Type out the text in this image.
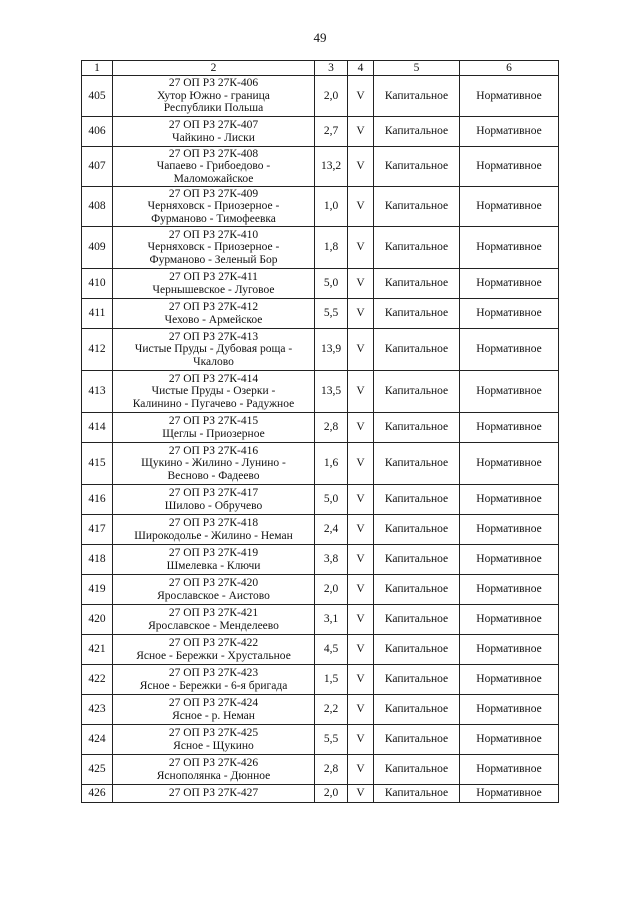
49
1	2	3	4	5	6
405	27 ОП РЗ 27К-406
Хутор Южно - граница
Республики Польша	2,0	V	Капитальное	Нормативное
406	27 ОП РЗ 27К-407
Чайкино - Лиски	2,7	V	Капитальное	Нормативное
407	27 ОП РЗ 27К-408
Чапаево - Грибоедово -
Маломожайское	13,2	V	Капитальное	Нормативное
408	27 ОП РЗ 27К-409
Черняховск - Приозерное -
Фурманово - Тимофеевка	1,0	V	Капитальное	Нормативное
409	27 ОП РЗ 27К-410
Черняховск - Приозерное -
Фурманово - Зеленый Бор	1,8	V	Капитальное	Нормативное
410	27 ОП РЗ 27К-411
Чернышевское - Луговое	5,0	V	Капитальное	Нормативное
411	27 ОП РЗ 27К-412
Чехово - Армейское	5,5	V	Капитальное	Нормативное
412	27 ОП РЗ 27К-413
Чистые Пруды - Дубовая роща -
Чкалово	13,9	V	Капитальное	Нормативное
413	27 ОП РЗ 27К-414
Чистые Пруды - Озерки -
Калинино - Пугачево - Радужное	13,5	V	Капитальное	Нормативное
414	27 ОП РЗ 27К-415
Щеглы - Приозерное	2,8	V	Капитальное	Нормативное
415	27 ОП РЗ 27К-416
Щукино - Жилино - Лунино -
Весново - Фадеево	1,6	V	Капитальное	Нормативное
416	27 ОП РЗ 27К-417
Шилово - Обручево	5,0	V	Капитальное	Нормативное
417	27 ОП РЗ 27К-418
Широкодолье - Жилино - Неман	2,4	V	Капитальное	Нормативное
418	27 ОП РЗ 27К-419
Шмелевка - Ключи	3,8	V	Капитальное	Нормативное
419	27 ОП РЗ 27К-420
Ярославское - Аистово	2,0	V	Капитальное	Нормативное
420	27 ОП РЗ 27К-421
Ярославское - Менделеево	3,1	V	Капитальное	Нормативное
421	27 ОП РЗ 27К-422
Ясное - Бережки - Хрустальное	4,5	V	Капитальное	Нормативное
422	27 ОП РЗ 27К-423
Ясное - Бережки - 6-я бригада	1,5	V	Капитальное	Нормативное
423	27 ОП РЗ 27К-424
Ясное - р. Неман	2,2	V	Капитальное	Нормативное
424	27 ОП РЗ 27К-425
Ясное - Щукино	5,5	V	Капитальное	Нормативное
425	27 ОП РЗ 27К-426
Яснополянка - Дюнное	2,8	V	Капитальное	Нормативное
426	27 ОП РЗ 27К-427	2,0	V	Капитальное	Нормативное
